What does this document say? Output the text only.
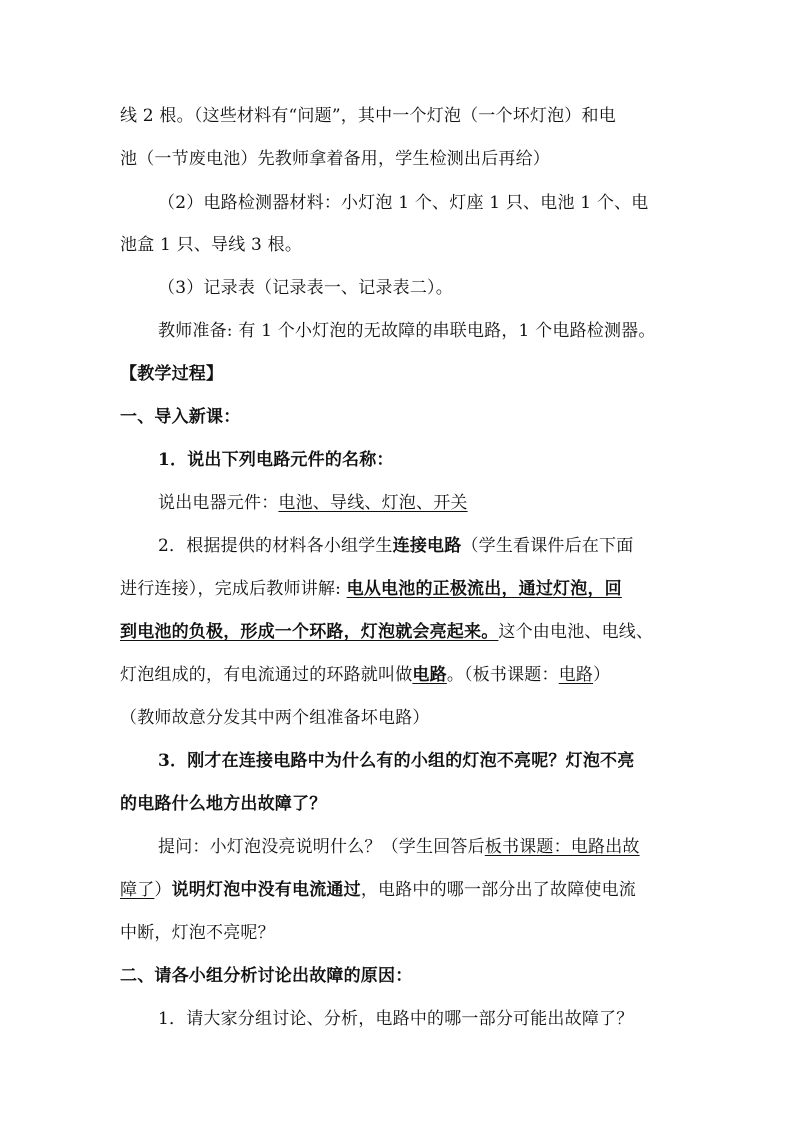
线 2 根。（这些材料有“问题”，其中一个灯泡（一个坏灯泡）和电
池（一节废电池）先教师拿着备用，学生检测出后再给）
（2）电路检测器材料：小灯泡 1 个、灯座 1 只、电池 1 个、电
池盒 1 只、导线 3 根。
（3）记录表（记录表一、记录表二）。
教师准备: 有 1 个小灯泡的无故障的串联电路，1 个电路检测器。
【教学过程】
一、导入新课：
1．说出下列电路元件的名称：
说出电器元件：电池、导线、灯泡、开关
2．根据提供的材料各小组学生连接电路（学生看课件后在下面
进行连接），完成后教师讲解: 电从电池的正极流出，通过灯泡，回
到电池的负极，形成一个环路，灯泡就会亮起来。这个由电池、电线、
灯泡组成的，有电流通过的环路就叫做电路。（板书课题：电路）
（教师故意分发其中两个组准备坏电路）
3．刚才在连接电路中为什么有的小组的灯泡不亮呢？灯泡不亮
的电路什么地方出故障了？
提问：小灯泡没亮说明什么？（学生回答后板书课题：电路出故
障了）说明灯泡中没有电流通过，电路中的哪一部分出了故障使电流
中断，灯泡不亮呢？
二、请各小组分析讨论出故障的原因：
1．请大家分组讨论、分析，电路中的哪一部分可能出故障了？
